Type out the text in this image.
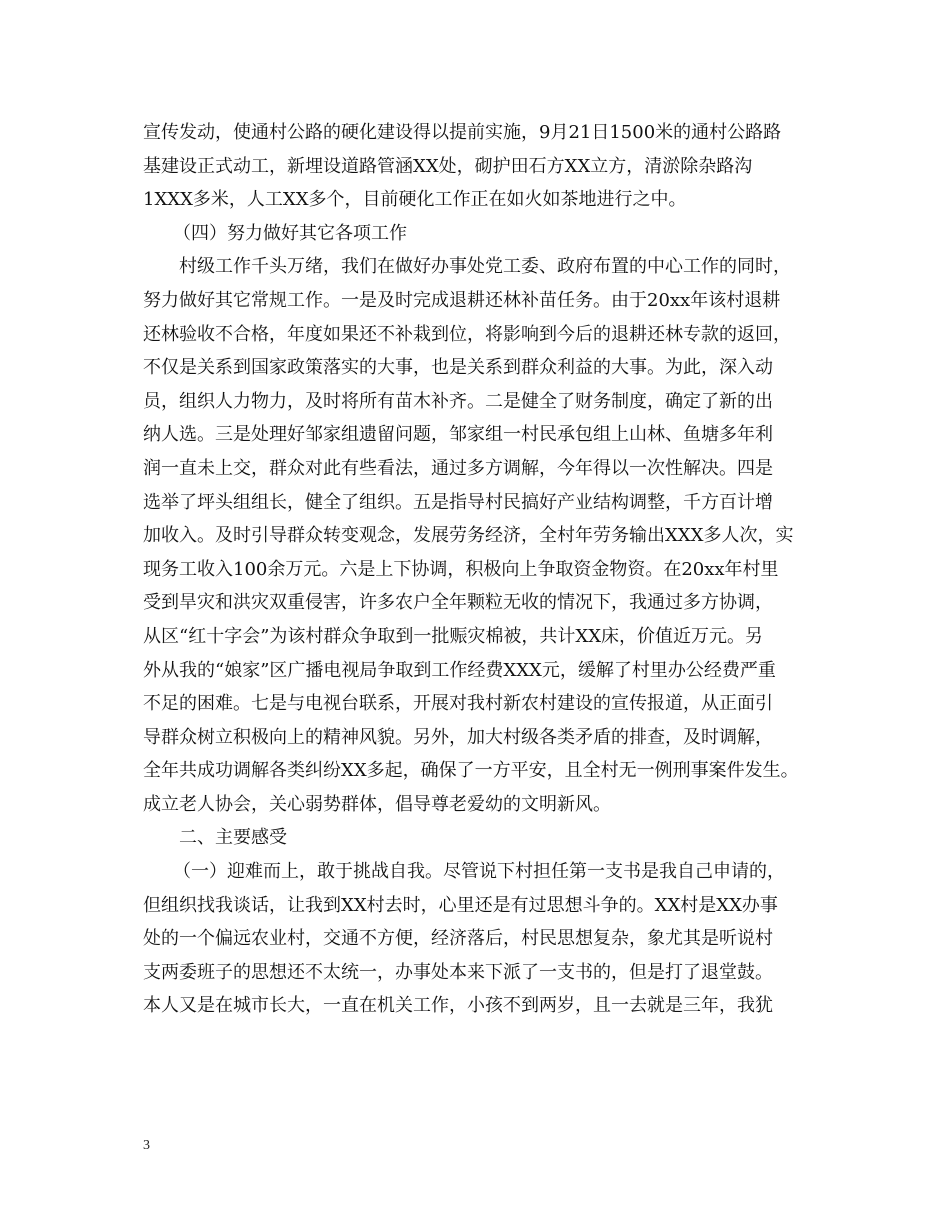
宣传发动，使通村公路的硬化建设得以提前实施，9月21日1500米的通村公路路
基建设正式动工，新埋设道路管涵XX处，砌护田石方XX立方，清淤除杂路沟
1XXX多米，人工XX多个，目前硬化工作正在如火如茶地进行之中。
（四）努力做好其它各项工作
村级工作千头万绪，我们在做好办事处党工委、政府布置的中心工作的同时，
努力做好其它常规工作。一是及时完成退耕还林补苗任务。由于20xx年该村退耕
还林验收不合格，年度如果还不补栽到位，将影响到今后的退耕还林专款的返回，
不仅是关系到国家政策落实的大事，也是关系到群众利益的大事。为此，深入动
员，组织人力物力，及时将所有苗木补齐。二是健全了财务制度，确定了新的出
纳人选。三是处理好邹家组遗留问题，邹家组一村民承包组上山林、鱼塘多年利
润一直未上交，群众对此有些看法，通过多方调解，今年得以一次性解决。四是
选举了坪头组组长，健全了组织。五是指导村民搞好产业结构调整，千方百计增
加收入。及时引导群众转变观念，发展劳务经济，全村年劳务输出XXX多人次，实
现务工收入100余万元。六是上下协调，积极向上争取资金物资。在20xx年村里
受到旱灾和洪灾双重侵害，许多农户全年颗粒无收的情况下，我通过多方协调，
从区“红十字会”为该村群众争取到一批赈灾棉被，共计XX床，价值近万元。另
外从我的“娘家”区广播电视局争取到工作经费XXX元，缓解了村里办公经费严重
不足的困难。七是与电视台联系，开展对我村新农村建设的宣传报道，从正面引
导群众树立积极向上的精神风貌。另外，加大村级各类矛盾的排查，及时调解，
全年共成功调解各类纠纷XX多起，确保了一方平安，且全村无一例刑事案件发生。
成立老人协会，关心弱势群体，倡导尊老爱幼的文明新风。
二、主要感受
（一）迎难而上，敢于挑战自我。尽管说下村担任第一支书是我自己申请的，
但组织找我谈话，让我到XX村去时，心里还是有过思想斗争的。XX村是XX办事
处的一个偏远农业村，交通不方便，经济落后，村民思想复杂，象尤其是听说村
支两委班子的思想还不太统一，办事处本来下派了一支书的，但是打了退堂鼓。
本人又是在城市长大，一直在机关工作，小孩不到两岁，且一去就是三年，我犹
3
